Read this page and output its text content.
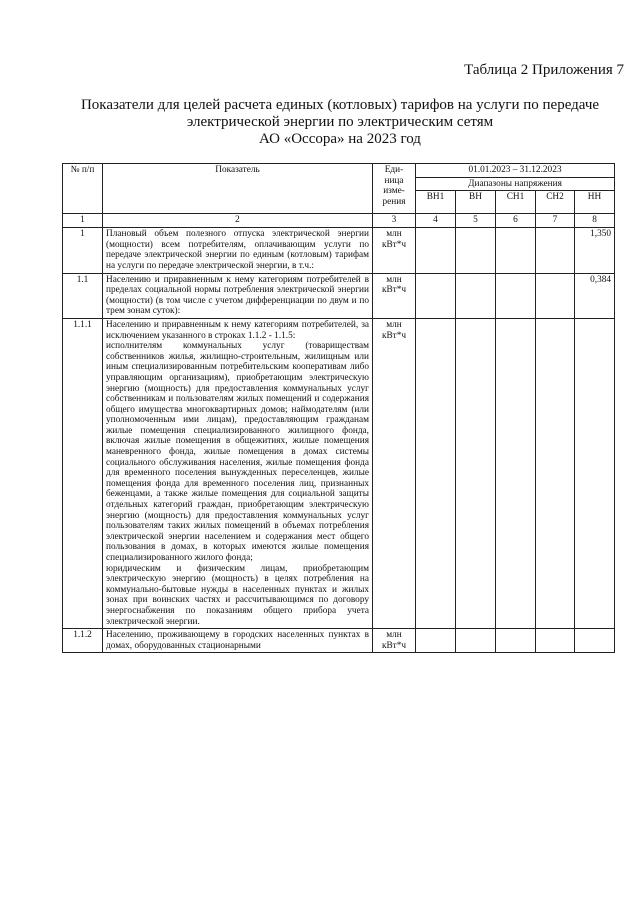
Таблица 2 Приложения 7
Показатели для целей расчета единых (котловых) тарифов на услуги по передаче
электрической энергии по электрическим сетям
АО «Оссора» на 2023 год
№ п/п	Показатель	Еди-ница изме-рения	01.01.2023 – 31.12.2023				
			Диапазоны напряжения				
			ВН1	ВН	СН1	СН2	НН
1	2	3	4	5	6	7	8
1	Плановый объем полезного отпуска электрической энергии (мощности) всем потребителям, оплачивающим услуги по передаче электрической энергии по единым (котловым) тарифам на услуги по передаче электрической энергии, в т.ч.:	млн кВт*ч					1,350
1.1	Населению и приравненным к нему категориям потребителей в пределах социальной нормы потребления электрической энергии (мощности) (в том числе с учетом дифференциации по двум и по трем зонам суток):	млн кВт*ч					0,384
1.1.1	Населению и приравненным к нему категориям потребителей, за исключением указанного в строках 1.1.2 - 1.1.5:

исполнителям коммунальных услуг (товариществам собственников жилья, жилищно-строительным, жилищным или иным специализированным потребительским кооперативам либо управляющим организациям), приобретающим электрическую энергию (мощность) для предоставления коммунальных услуг собственникам и пользователям жилых помещений и содержания общего имущества многоквартирных домов; наймодателям (или уполномоченным ими лицам), предоставляющим гражданам жилые помещения специализированного жилищного фонда, включая жилые помещения в общежитиях, жилые помещения маневренного фонда, жилые помещения в домах системы социального обслуживания населения, жилые помещения фонда для временного поселения вынужденных переселенцев, жилые помещения фонда для временного поселения лиц, признанных беженцами, а также жилые помещения для социальной защиты отдельных категорий граждан, приобретающим электрическую энергию (мощность) для предоставления коммунальных услуг пользователям таких жилых помещений в объемах потребления электрической энергии населением и содержания мест общего пользования в домах, в которых имеются жилые помещения специализированного жилого фонда;

юридическим и физическим лицам, приобретающим электрическую энергию (мощность) в целях потребления на коммунально-бытовые нужды в населенных пунктах и жилых зонах при воинских частях и рассчитывающимся по договору энергоснабжения по показаниям общего прибора учета электрической энергии.	млн кВт*ч					
1.1.2	Населению, проживающему в городских населенных пунктах в домах, оборудованных стационарными	млн кВт*ч					
